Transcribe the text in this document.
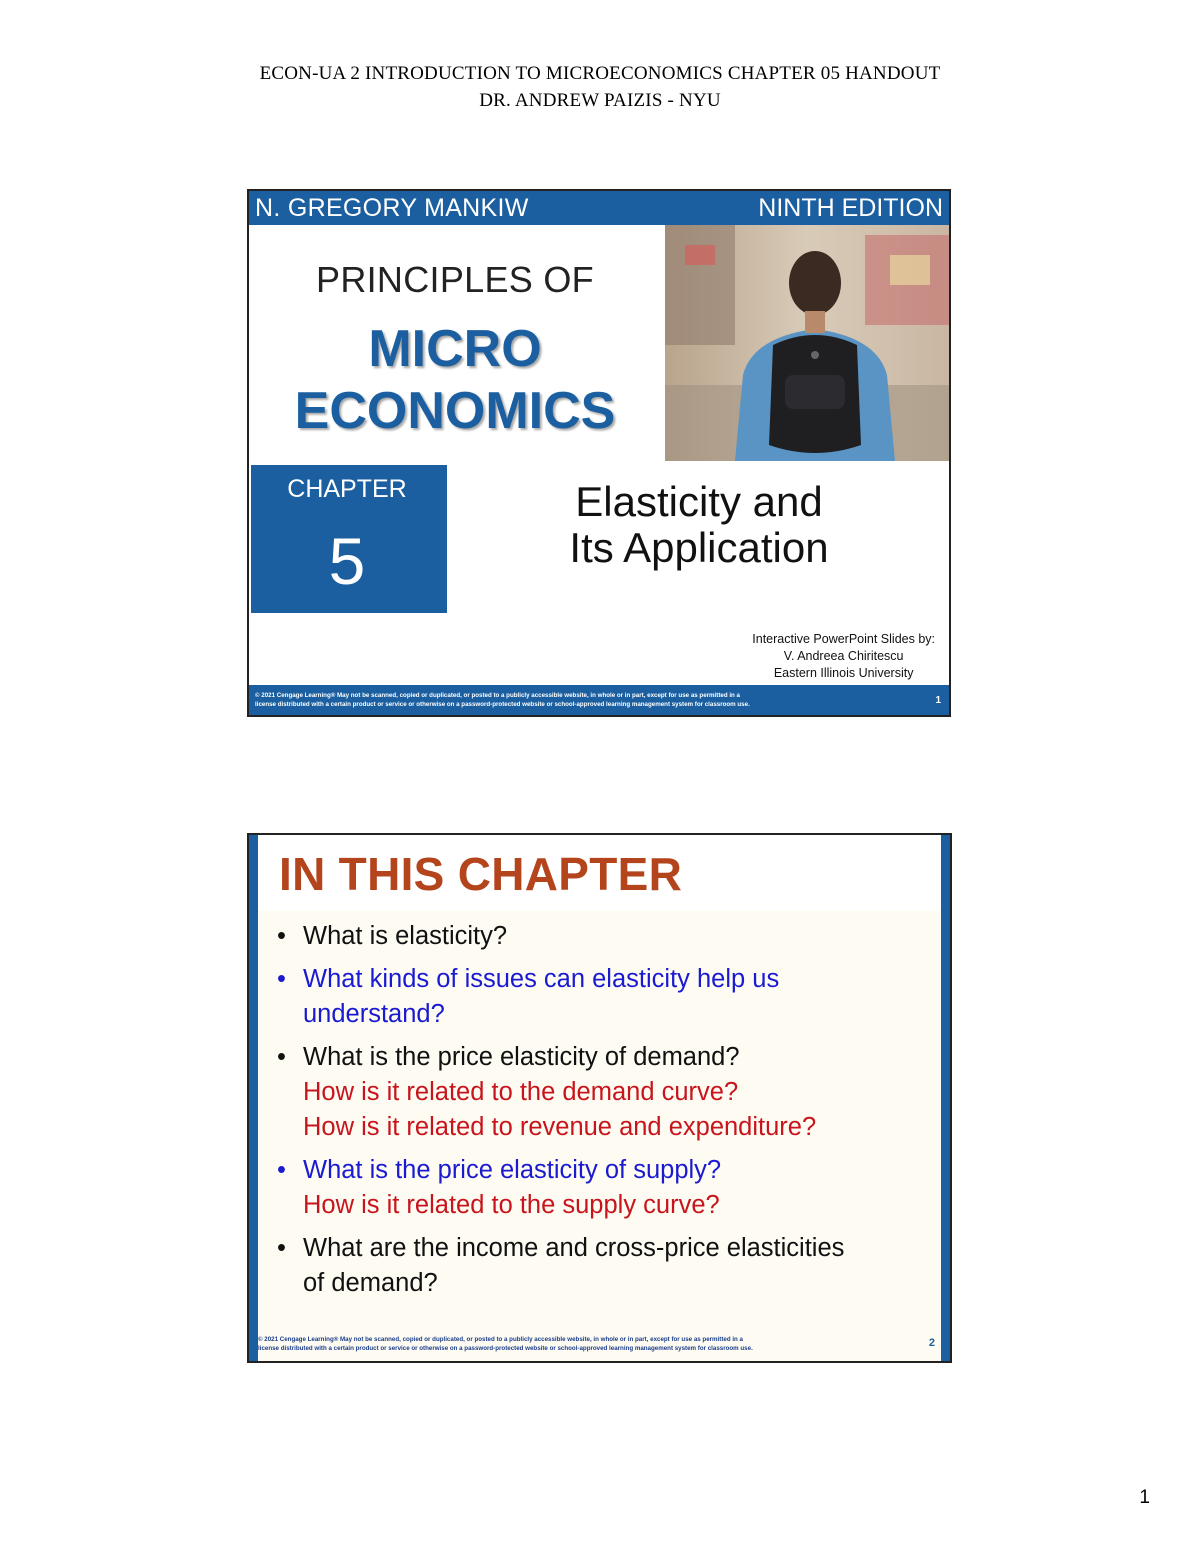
ECON-UA 2 INTRODUCTION TO MICROECONOMICS CHAPTER 05 HANDOUT
DR. ANDREW PAIZIS - NYU
N. GREGORY MANKIW	NINTH EDITION
PRINCIPLES OF
MICRO
ECONOMICS
CHAPTER
5
Elasticity and
Its Application
Interactive PowerPoint Slides by:
V. Andreea Chiritescu
Eastern Illinois University
© 2021 Cengage Learning® May not be scanned, copied or duplicated, or posted to a publicly accessible website, in whole or in part, except for use as permitted in a
license distributed with a certain product or service or otherwise on a password-protected website or school-approved learning management system for classroom use.	1
IN THIS CHAPTER
• What is elasticity?
• What kinds of issues can elasticity help us
understand?
• What is the price elasticity of demand?
How is it related to the demand curve?
How is it related to revenue and expenditure?
• What is the price elasticity of supply?
How is it related to the supply curve?
• What are the income and cross-price elasticities
of demand?
© 2021 Cengage Learning® May not be scanned, copied or duplicated, or posted to a publicly accessible website, in whole or in part, except for use as permitted in a
license distributed with a certain product or service or otherwise on a password-protected website or school-approved learning management system for classroom use.	2
1
